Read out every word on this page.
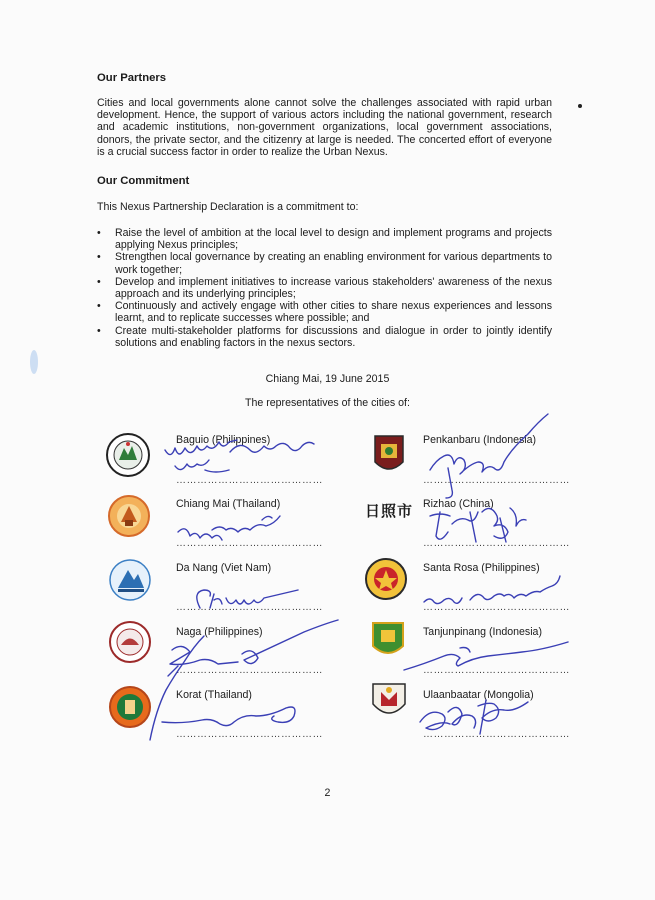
Our Partners
Cities and local governments alone cannot solve the challenges associated with rapid urban development. Hence, the support of various actors including the national government, research and academic institutions, non-government organizations, local government associations, donors, the private sector, and the citizenry at large is needed. The concerted effort of everyone is a crucial success factor in order to realize the Urban Nexus.
Our Commitment
This Nexus Partnership Declaration is a commitment to:
• Raise the level of ambition at the local level to design and implement programs and projects applying Nexus principles;
• Strengthen local governance by creating an enabling environment for various departments to work together;
• Develop and implement initiatives to increase various stakeholders' awareness of the nexus approach and its underlying principles;
• Continuously and actively engage with other cities to share nexus experiences and lessons learnt, and to replicate successes where possible; and
• Create multi-stakeholder platforms for discussions and dialogue in order to jointly identify solutions and enabling factors in the nexus sectors.
Chiang Mai, 19 June 2015
The representatives of the cities of:
日照市
Baguio (Philippines)
Chiang Mai (Thailand)
Da Nang (Viet Nam)
Naga (Philippines)
Korat (Thailand)
Penkanbaru (Indonesia)
Rizhao (China)
Santa Rosa (Philippines)
Tanjunpinang (Indonesia)
Ulaanbaatar (Mongolia)
……………………………………
……………………………………
……………………………………
……………………………………
……………………………………
……………………………………
……………………………………
……………………………………
……………………………………
……………………………………
2
